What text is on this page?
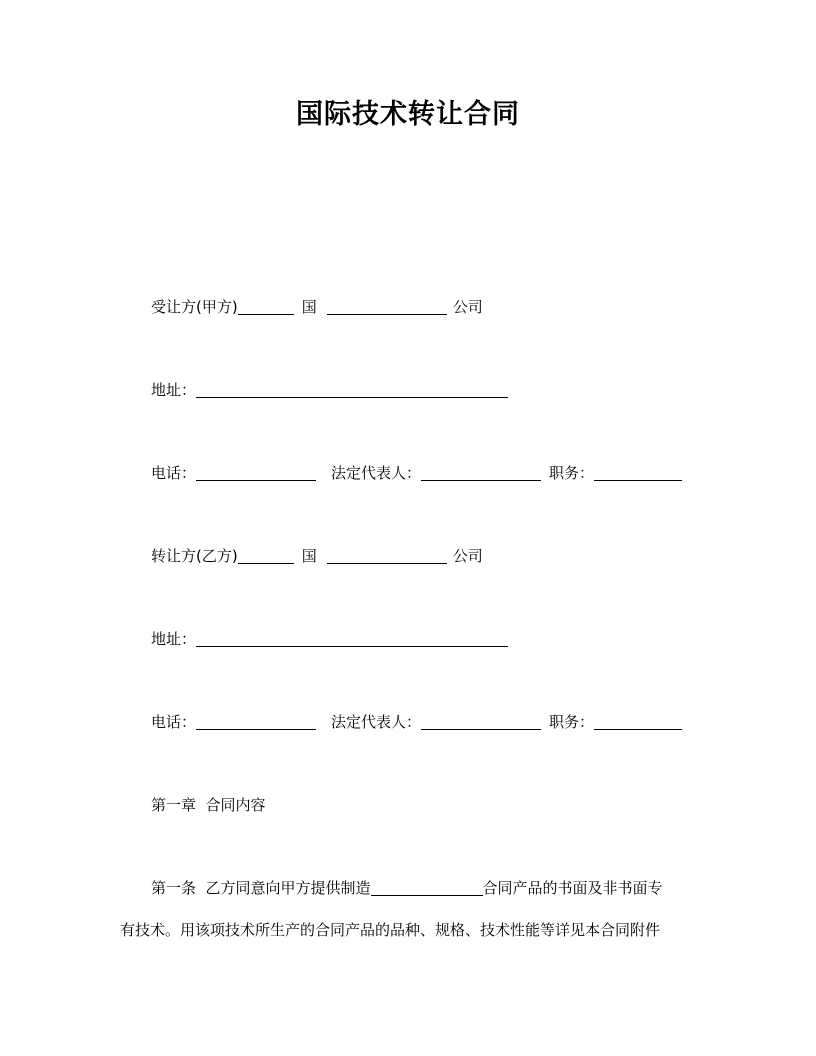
国际技术转让合同
受让方(甲方)	国	公司
地址：
电话：	法定代表人：	职务：
转让方(乙方)	国	公司
地址：
电话：	法定代表人：	职务：
第一章  合同内容
第一条  乙方同意向甲方提供制造	合同产品的书面及非书面专
有技术。用该项技术所生产的合同产品的品种、规格、技术性能等详见本合同附件
